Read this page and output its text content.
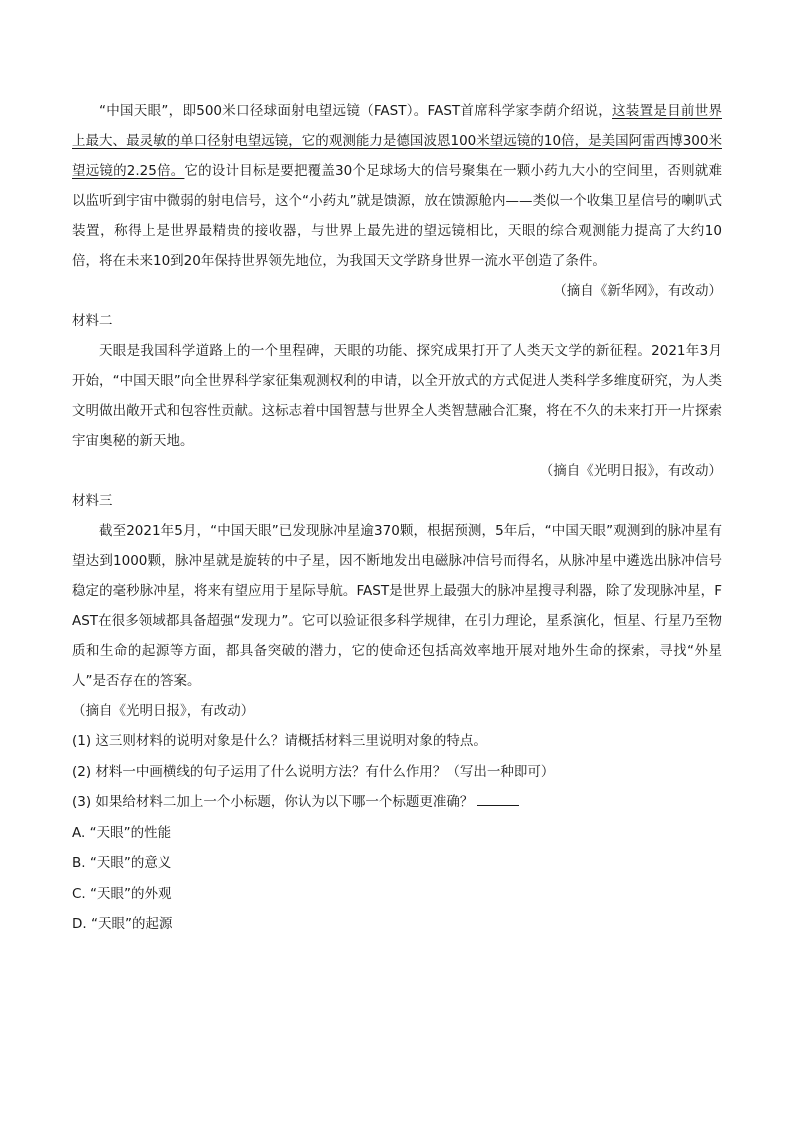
“中国天眼”，即500米口径球面射电望远镜（FAST）。FAST首席科学家李荫介绍说，这装置是目前世界上最大、最灵敏的单口径射电望远镜，它的观测能力是德国波恩100米望远镜的10倍，是美国阿雷西博300米望远镜的2.25倍。它的设计目标是要把覆盖30个足球场大的信号聚集在一颗小药九大小的空间里，否则就难以监听到宇宙中微弱的射电信号，这个“小药丸”就是馈源，放在馈源舱内——类似一个收集卫星信号的喇叭式装置，称得上是世界最精贵的接收器，与世界上最先进的望远镜相比，天眼的综合观测能力提高了大约10倍，将在未来10到20年保持世界领先地位，为我国天文学跻身世界一流水平创造了条件。

（摘自《新华网》，有改动）

材料二

天眼是我国科学道路上的一个里程碑，天眼的功能、探究成果打开了人类天文学的新征程。2021年3月开始，“中国天眼”向全世界科学家征集观测权利的申请，以全开放式的方式促进人类科学多维度研究，为人类文明做出敞开式和包容性贡献。这标志着中国智慧与世界全人类智慧融合汇聚，将在不久的未来打开一片探索宇宙奥秘的新天地。

（摘自《光明日报》，有改动）

材料三

截至2021年5月，“中国天眼”已发现脉冲星逾370颗，根据预测，5年后，“中国天眼”观测到的脉冲星有望达到1000颗，脉冲星就是旋转的中子星，因不断地发出电磁脉冲信号而得名，从脉冲星中遴选出脉冲信号稳定的毫秒脉冲星，将来有望应用于星际导航。FAST是世界上最强大的脉冲星搜寻利器，除了发现脉冲星，FAST在很多领域都具备超强“发现力”。它可以验证很多科学规律，在引力理论，星系演化，恒星、行星乃至物质和生命的起源等方面，都具备突破的潜力，它的使命还包括高效率地开展对地外生命的探索，寻找“外星人”是否存在的答案。

（摘自《光明日报》，有改动）

(1) 这三则材料的说明对象是什么？请概括材料三里说明对象的特点。

(2) 材料一中画横线的句子运用了什么说明方法？有什么作用？（写出一种即可）

(3) 如果给材料二加上一个小标题，你认为以下哪一个标题更准确？

A. “天眼”的性能

B. “天眼”的意义

C. “天眼”的外观

D. “天眼”的起源
